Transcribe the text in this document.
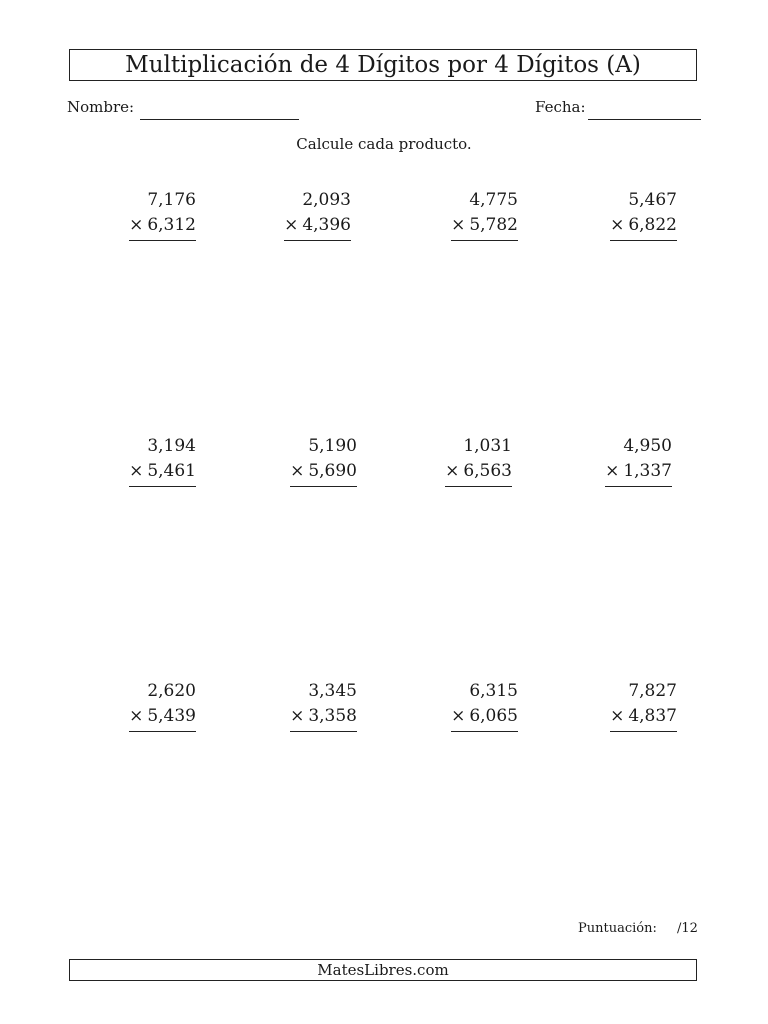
Multiplicación de 4 Dígitos por 4 Dígitos (A)
Nombre:	Fecha:
Calcule cada producto.
7,176
× 6,312
2,093
× 4,396
4,775
× 5,782
5,467
× 6,822
3,194
× 5,461
5,190
× 5,690
1,031
× 6,563
4,950
× 1,337
2,620
× 5,439
3,345
× 3,358
6,315
× 6,065
7,827
× 4,837
Puntuación: /12
MatesLibres.com
